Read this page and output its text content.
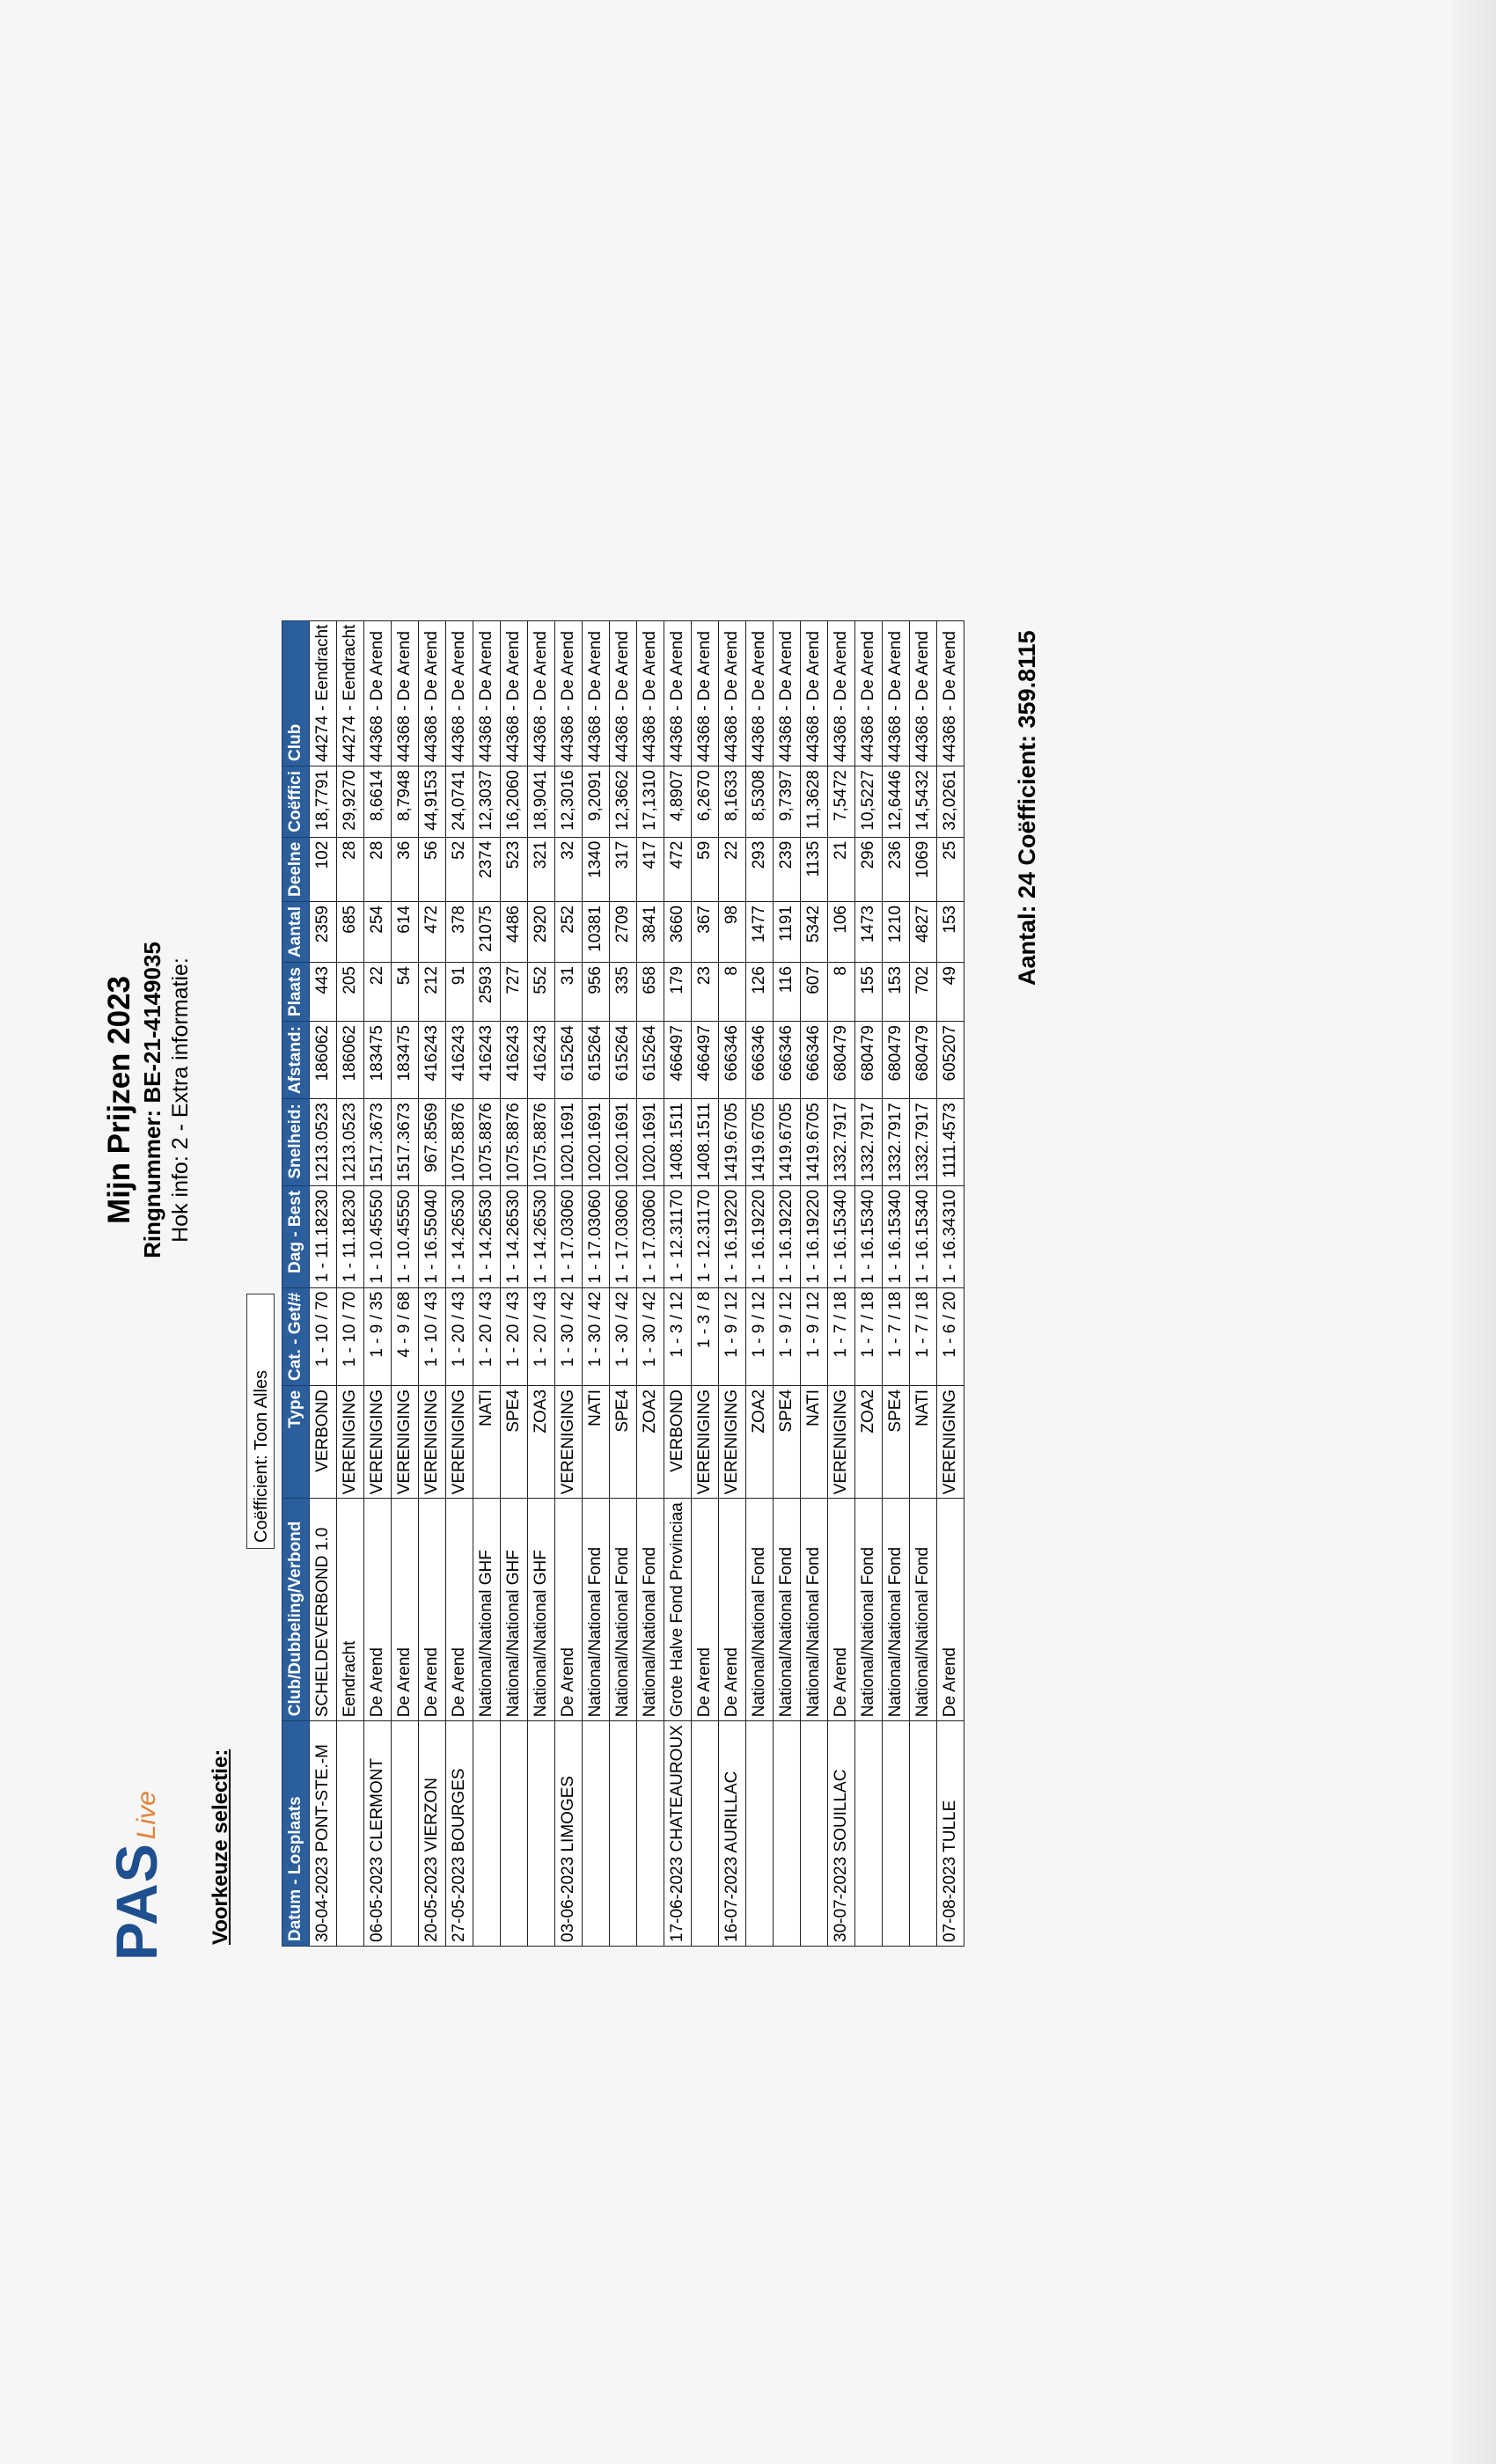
PAS
Live
Mijn Prijzen 2023 Ringnummer: BE-21-4149035 Hok info: 2 - Extra informatie:
Voorkeuze selectie:
Coëfficient: Toon Alles
Datum - Losplaats	Club/Dubbeling/Verbond	Type	Cat. - Get/#	Dag - Best	Snelheid:	Afstand:	Plaats	Aantal	Deelne	Coëffici	Club
30-04-2023 PONT-STE.-M	SCHELDEVERBOND 1.0	VERBOND	1 - 10 / 70	1 - 11.18230	1213.0523	186062	443	2359	102	18,7791	44274 - Eendracht
	Eendracht	VERENIGING	1 - 10 / 70	1 - 11.18230	1213.0523	186062	205	685	28	29,9270	44274 - Eendracht
06-05-2023 CLERMONT	De Arend	VERENIGING	1 - 9 / 35	1 - 10.45550	1517.3673	183475	22	254	28	8,6614	44368 - De Arend
	De Arend	VERENIGING	4 - 9 / 68	1 - 10.45550	1517.3673	183475	54	614	36	8,7948	44368 - De Arend
20-05-2023 VIERZON	De Arend	VERENIGING	1 - 10 / 43	1 - 16.55040	967.8569	416243	212	472	56	44,9153	44368 - De Arend
27-05-2023 BOURGES	De Arend	VERENIGING	1 - 20 / 43	1 - 14.26530	1075.8876	416243	91	378	52	24,0741	44368 - De Arend
	National/National GHF	NATI	1 - 20 / 43	1 - 14.26530	1075.8876	416243	2593	21075	2374	12,3037	44368 - De Arend
	National/National GHF	SPE4	1 - 20 / 43	1 - 14.26530	1075.8876	416243	727	4486	523	16,2060	44368 - De Arend
	National/National GHF	ZOA3	1 - 20 / 43	1 - 14.26530	1075.8876	416243	552	2920	321	18,9041	44368 - De Arend
03-06-2023 LIMOGES	De Arend	VERENIGING	1 - 30 / 42	1 - 17.03060	1020.1691	615264	31	252	32	12,3016	44368 - De Arend
	National/National Fond	NATI	1 - 30 / 42	1 - 17.03060	1020.1691	615264	956	10381	1340	9,2091	44368 - De Arend
	National/National Fond	SPE4	1 - 30 / 42	1 - 17.03060	1020.1691	615264	335	2709	317	12,3662	44368 - De Arend
	National/National Fond	ZOA2	1 - 30 / 42	1 - 17.03060	1020.1691	615264	658	3841	417	17,1310	44368 - De Arend
17-06-2023 CHATEAUROUX	Grote Halve Fond Provinciaa	VERBOND	1 - 3 / 12	1 - 12.31170	1408.1511	466497	179	3660	472	4,8907	44368 - De Arend
	De Arend	VERENIGING	1 - 3 / 8	1 - 12.31170	1408.1511	466497	23	367	59	6,2670	44368 - De Arend
16-07-2023 AURILLAC	De Arend	VERENIGING	1 - 9 / 12	1 - 16.19220	1419.6705	666346	8	98	22	8,1633	44368 - De Arend
	National/National Fond	ZOA2	1 - 9 / 12	1 - 16.19220	1419.6705	666346	126	1477	293	8,5308	44368 - De Arend
	National/National Fond	SPE4	1 - 9 / 12	1 - 16.19220	1419.6705	666346	116	1191	239	9,7397	44368 - De Arend
	National/National Fond	NATI	1 - 9 / 12	1 - 16.19220	1419.6705	666346	607	5342	1135	11,3628	44368 - De Arend
30-07-2023 SOUILLAC	De Arend	VERENIGING	1 - 7 / 18	1 - 16.15340	1332.7917	680479	8	106	21	7,5472	44368 - De Arend
	National/National Fond	ZOA2	1 - 7 / 18	1 - 16.15340	1332.7917	680479	155	1473	296	10,5227	44368 - De Arend
	National/National Fond	SPE4	1 - 7 / 18	1 - 16.15340	1332.7917	680479	153	1210	236	12,6446	44368 - De Arend
	National/National Fond	NATI	1 - 7 / 18	1 - 16.15340	1332.7917	680479	702	4827	1069	14,5432	44368 - De Arend
07-08-2023 TULLE	De Arend	VERENIGING	1 - 6 / 20	1 - 16.34310	1111.4573	605207	49	153	25	32,0261	44368 - De Arend Aantal: 24 Coëfficient: 359.8115
